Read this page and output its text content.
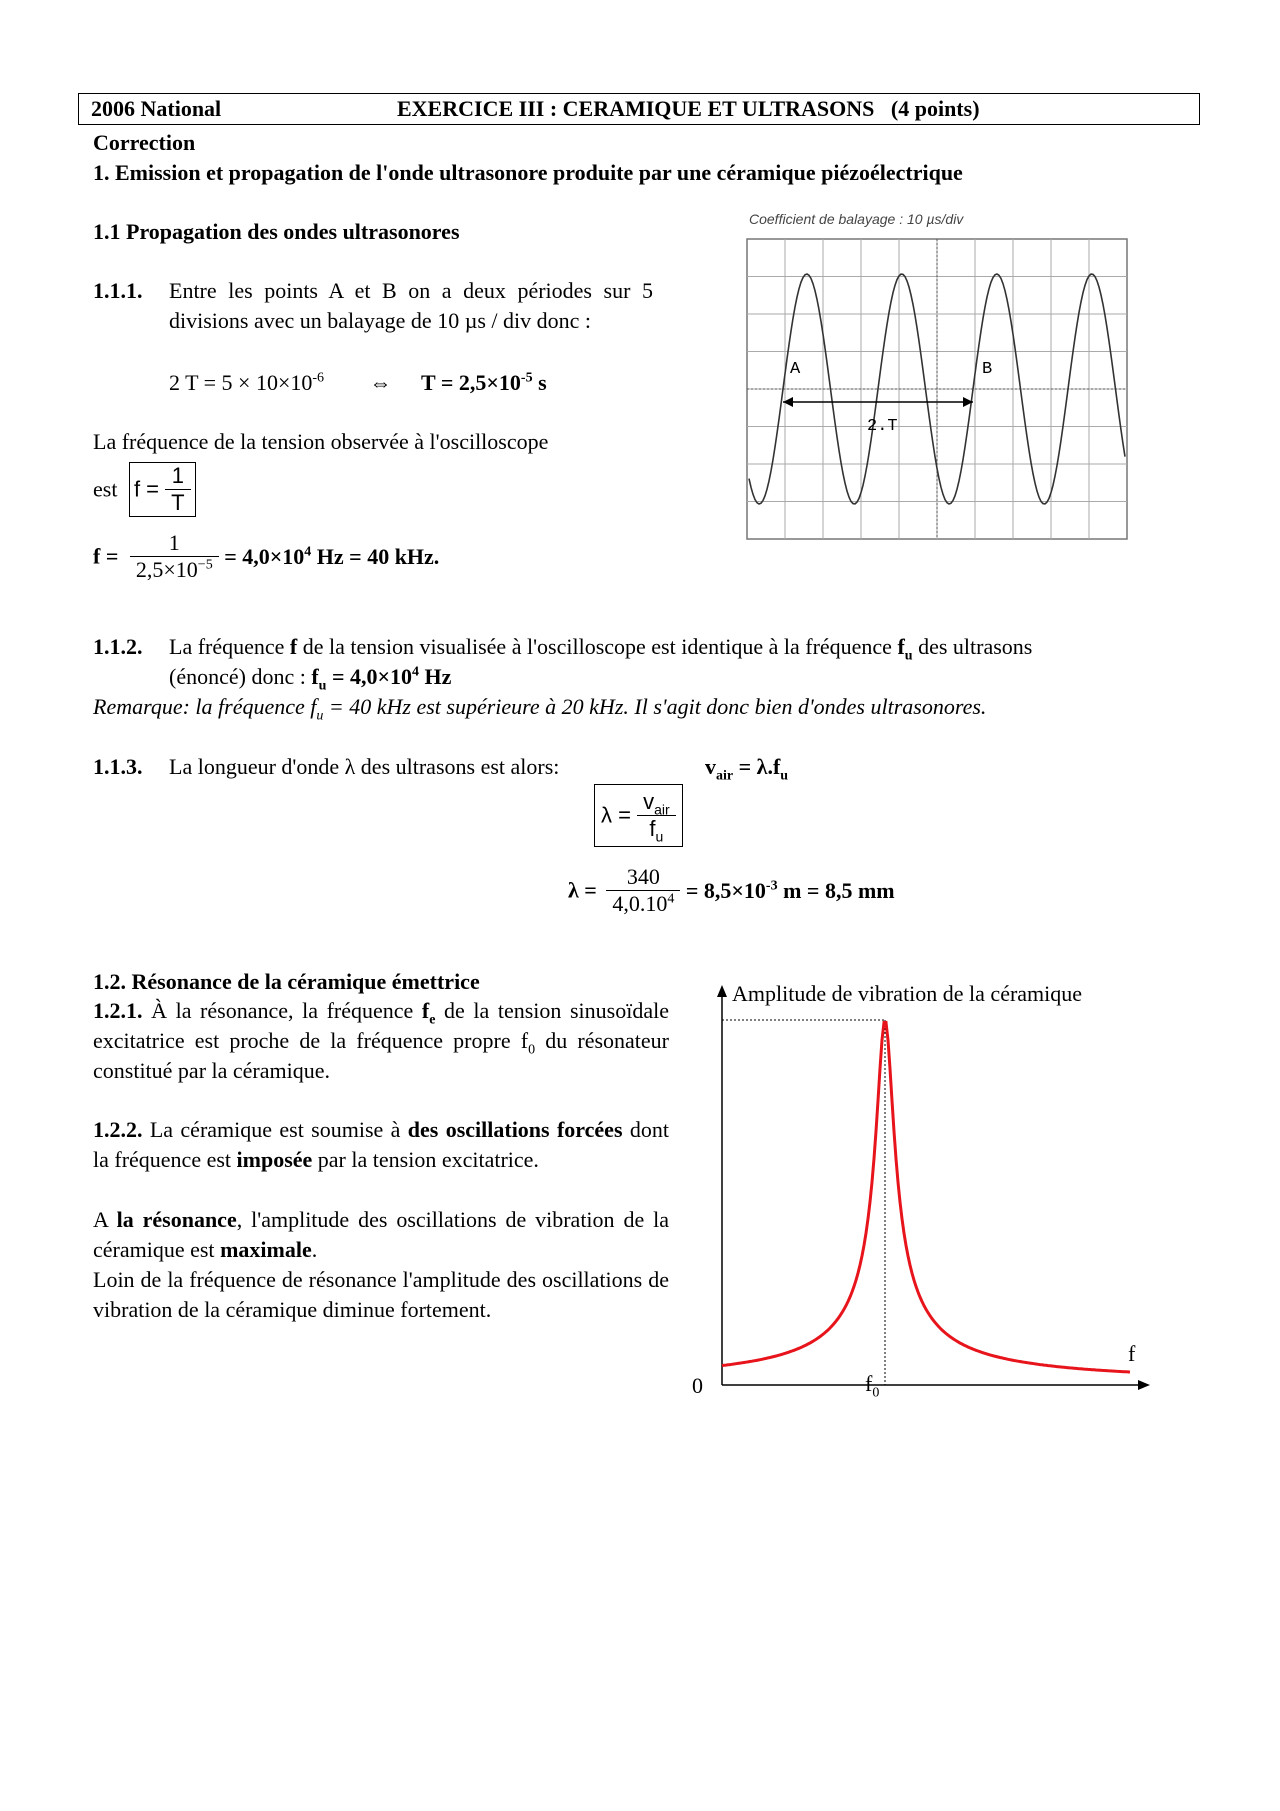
2006 National	EXERCICE III : CERAMIQUE ET ULTRASONS   (4 points)
Correction
1. Emission et propagation de l'onde ultrasonore produite par une céramique piézoélectrique
1.1 Propagation des ondes ultrasonores
1.1.1.	Entre les points A et B on a deux périodes sur 5 divisions avec un balayage de 10 µs / div donc :
2 $T = 5 \times 10\times 10^{-6}$ ⇔ $T = 2,5\times 10^{-5}$ s
La fréquence de la tension observée à l'oscilloscope
est $f = \frac{1}{T}$
$f = \frac{1}{2,5\times 10^{-5}} = 4,0\times 10^4$ Hz = 40 kHz.
Coefficient de balayage : 10 µs/div
A	B
2.T
1.1.2.	La fréquence f de la tension visualisée à l'oscilloscope est identique à la fréquence $f_u$ des ultrasons
(énoncé) donc : $f_u = 4,0\times 10^4$ Hz
Remarque: la fréquence $f_u = 40$ kHz est supérieure à 20 kHz. Il s'agit donc bien d'ondes ultrasonores.
1.1.3.	La longueur d'onde λ des ultrasons est alors:	$v_{air} = \lambda.f_u$
$\lambda = \frac{v_{air}}{f_u}$
$\lambda = \frac{340}{4,0.10^4} = 8,5\times 10^{-3}$ m = 8,5 mm
1.2. Résonance de la céramique émettrice
1.2.1. À la résonance, la fréquence $f_e$ de la tension sinusoïdale excitatrice est proche de la fréquence propre $f_0$ du résonateur constitué par la céramique.
1.2.2. La céramique est soumise à des oscillations forcées dont la fréquence est imposée par la tension excitatrice.
A la résonance, l'amplitude des oscillations de vibration de la céramique est maximale.
Loin de la fréquence de résonance l'amplitude des oscillations de vibration de la céramique diminue fortement.
Amplitude de vibration de la céramique
f
0	$f_0$
